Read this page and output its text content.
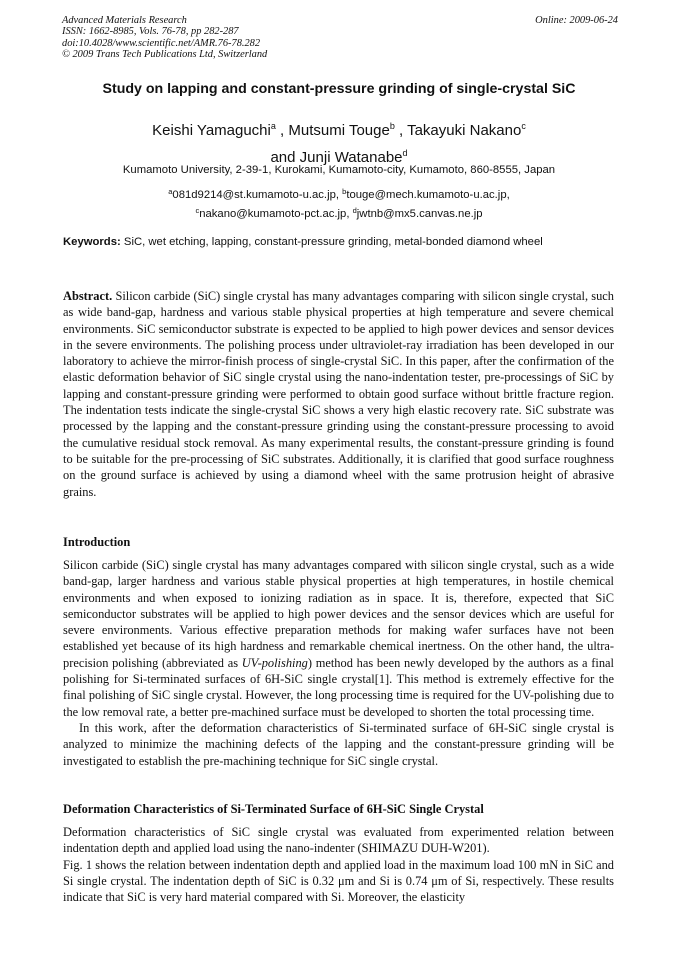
Advanced Materials Research	Online: 2009-06-24
ISSN: 1662-8985, Vols. 76-78, pp 282-287
doi:10.4028/www.scientific.net/AMR.76-78.282
© 2009 Trans Tech Publications Ltd, Switzerland
Study on lapping and constant-pressure grinding of single-crystal SiC
Keishi Yamaguchi$^a$ , Mutsumi Touge$^b$ , Takayuki Nakano$^c$
and Junji Watanabe$^d$
Kumamoto University, 2-39-1, Kurokami, Kumamoto-city, Kumamoto, 860-8555, Japan
$^a$081d9214@st.kumamoto-u.ac.jp, $^b$touge@mech.kumamoto-u.ac.jp,
$^c$nakano@kumamoto-pct.ac.jp, $^d$jwtnb@mx5.canvas.ne.jp
Keywords: SiC, wet etching, lapping, constant-pressure grinding, metal-bonded diamond wheel
Abstract. Silicon carbide (SiC) single crystal has many advantages comparing with silicon single crystal, such as wide band-gap, hardness and various stable physical properties at high temperature and severe chemical environments. SiC semiconductor substrate is expected to be applied to high power devices and sensor devices in the severe environments. The polishing process under ultraviolet-ray irradiation has been developed in our laboratory to achieve the mirror-finish process of single-crystal SiC. In this paper, after the confirmation of the elastic deformation behavior of SiC single crystal using the nano-indentation tester, pre-processings of SiC by lapping and constant-pressure grinding were performed to obtain good surface without brittle fracture region. The indentation tests indicate the single-crystal SiC shows a very high elastic recovery rate. SiC substrate was processed by the lapping and the constant-pressure grinding using the constant-pressure processing to avoid the cumulative residual stock removal. As many experimental results, the constant-pressure grinding is found to be suitable for the pre-processing of SiC substrates. Additionally, it is clarified that good surface roughness on the ground surface is achieved by using a diamond wheel with the same protrusion height of abrasive grains.
Introduction

Silicon carbide (SiC) single crystal has many advantages compared with silicon single crystal, such as a wide band-gap, larger hardness and various stable physical properties at high temperatures, in hostile chemical environments and when exposed to ionizing radiation as in space. It is, therefore, expected that SiC semiconductor substrates will be applied to high power devices and the sensor devices which are useful for severe environments. Various effective preparation methods for making wafer surfaces have not been established yet because of its high hardness and remarkable chemical inertness. On the other hand, the ultra-precision polishing (abbreviated as UV-polishing) method has been newly developed by the authors as a final polishing for Si-terminated surfaces of 6H-SiC single crystal[1]. This method is extremely effective for the final polishing of SiC single crystal. However, the long processing time is required for the UV-polishing due to the low removal rate, a better pre-machined surface must be developed to shorten the total processing time.

In this work, after the deformation characteristics of Si-terminated surface of 6H-SiC single crystal is analyzed to minimize the machining defects of the lapping and the constant-pressure grinding will be investigated to establish the pre-machining technique for SiC single crystal.

Deformation Characteristics of Si-Terminated Surface of 6H-SiC Single Crystal

Deformation characteristics of SiC single crystal was evaluated from experimented relation between indentation depth and applied load using the nano-indenter (SHIMAZU DUH-W201).

Fig. 1 shows the relation between indentation depth and applied load in the maximum load 100 mN in SiC and Si single crystal. The indentation depth of SiC is 0.32 μm and Si is 0.74 μm of Si, respectively. These results indicate that SiC is very hard material compared with Si. Moreover, the elasticity
